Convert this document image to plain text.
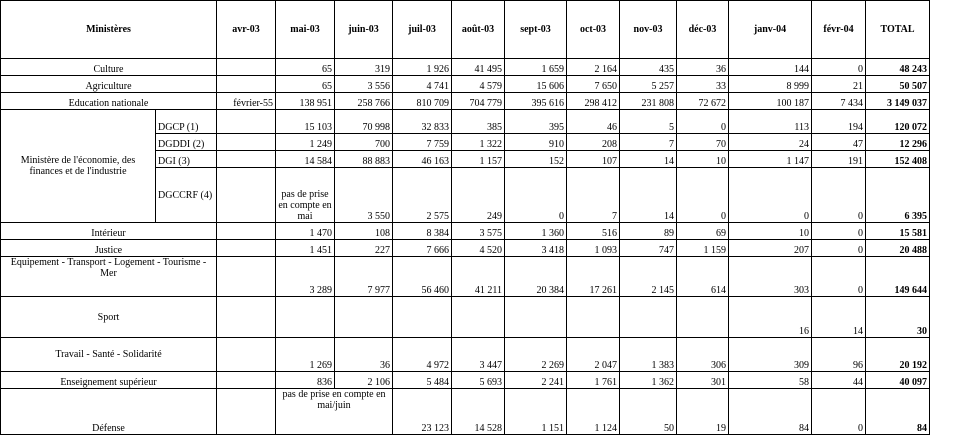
Ministères		avr-03	mai-03	juin-03	juil-03	août-03	sept-03	oct-03	nov-03	déc-03	janv-04	févr-04	TOTAL
Culture			65	319	1 926	41 495	1 659	2 164	435	36	144	0	48 243
Agriculture			65	3 556	4 741	4 579	15 606	7 650	5 257	33	8 999	21	50 507
Education nationale		février-55	138 951	258 766	810 709	704 779	395 616	298 412	231 808	72 672	100 187	7 434	3 149 037
Ministère de l'économie, des finances et de l'industrie	DGCP (1)		15 103	70 998	32 833	385	395	46	5	0	113	194	120 072
	DGDDI (2)		1 249	700	7 759	1 322	910	208	7	70	24	47	12 296
	DGI (3)		14 584	88 883	46 163	1 157	152	107	14	10	1 147	191	152 408
	DGCCRF (4)		pas de prise en compte en mai	3 550	2 575	249	0	7	14	0	0	0	6 395
Intérieur			1 470	108	8 384	3 575	1 360	516	89	69	10	0	15 581
Justice			1 451	227	7 666	4 520	3 418	1 093	747	1 159	207	0	20 488
Equipement - Transport - Logement - Tourisme - Mer			3 289	7 977	56 460	41 211	20 384	17 261	2 145	614	303	0	149 644
Sport											16	14	30
Travail - Santé - Solidarité			1 269	36	4 972	3 447	2 269	2 047	1 383	306	309	96	20 192
Enseignement supérieur			836	2 106	5 484	5 693	2 241	1 761	1 362	301	58	44	40 097
Défense			pas de prise en compte en mai/juin		23 123	14 528	1 151	1 124	50	19	84	0	84
